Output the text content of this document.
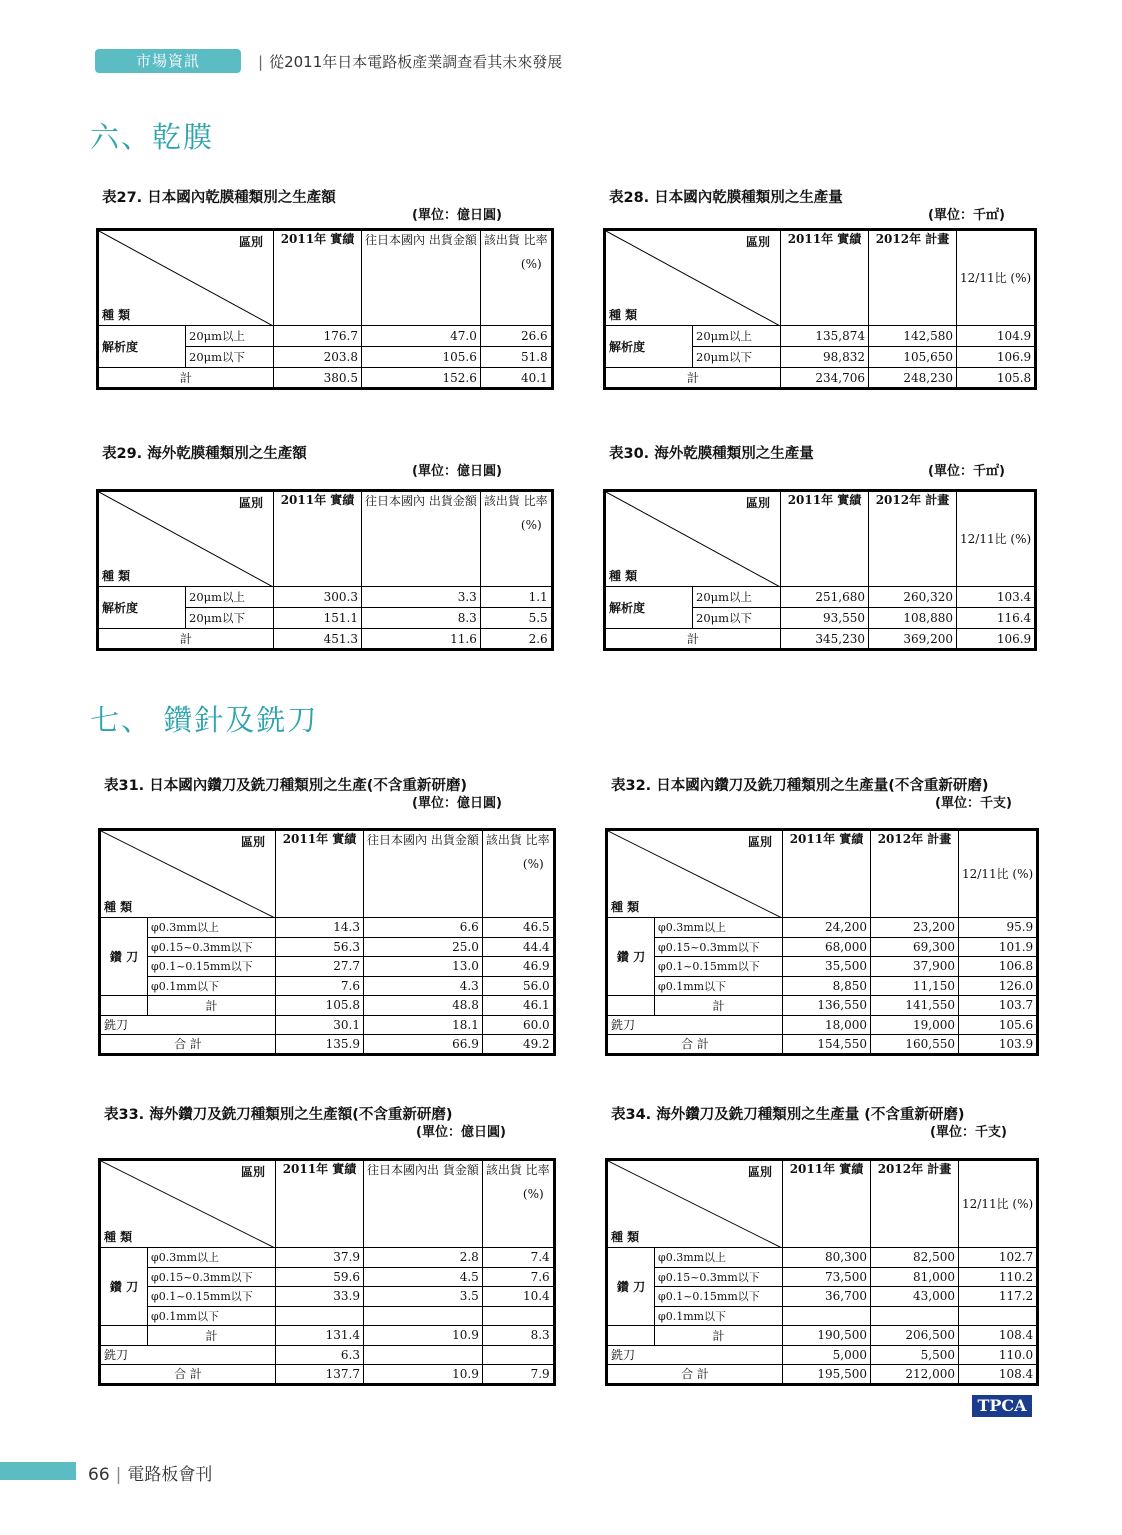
市場資訊	| 從2011年日本電路板產業調查看其未來發展
六、乾膜
七、 鑽針及銑刀
表27. 日本國內乾膜種類別之生產額
(單位：億日圓)
區別
種 類		2011年 實績	往日本國內 出貨金額	該出貨 比率
(%)

解析度	20μm以上	176.7	47.0	26.6
	20μm以下	203.8	105.6	51.8
計		380.5	152.6	40.1
表28. 日本國內乾膜種類別之生產量
(單位：千㎡)
區別
種 類		2011年 實績	2012年 計畫	12/11比 (%)
解析度	20μm以上	135,874	142,580	104.9
	20μm以下	98,832	105,650	106.9
計		234,706	248,230	105.8
表29. 海外乾膜種類別之生產額
(單位：億日圓)
區別
種 類		2011年 實績	往日本國內 出貨金額	該出貨 比率
(%)

解析度	20μm以上	300.3	3.3	1.1
	20μm以下	151.1	8.3	5.5
計		451.3	11.6	2.6
表30. 海外乾膜種類別之生產量
(單位：千㎡)
區別
種 類		2011年 實績	2012年 計畫	12/11比 (%)
解析度	20μm以上	251,680	260,320	103.4
	20μm以下	93,550	108,880	116.4
計		345,230	369,200	106.9
表31. 日本國內鑽刀及銑刀種類別之生產(不含重新研磨)
(單位：億日圓)
區別
種 類		2011年 實績	往日本國內 出貨金額	該出貨 比率
(%)

鑽 刀	φ0.3mm以上	14.3	6.6	46.5
	φ0.15~0.3mm以下	56.3	25.0	44.4
	φ0.1~0.15mm以下	27.7	13.0	46.9
	φ0.1mm以下	7.6	4.3	56.0
	計	105.8	48.8	46.1
銑刀		30.1	18.1	60.0
合 計		135.9	66.9	49.2
表32. 日本國內鑽刀及銑刀種類別之生產量(不含重新研磨)
(單位：千支)
區別
種 類		2011年 實績	2012年 計畫	12/11比 (%)
鑽 刀	φ0.3mm以上	24,200	23,200	95.9
	φ0.15~0.3mm以下	68,000	69,300	101.9
	φ0.1~0.15mm以下	35,500	37,900	106.8
	φ0.1mm以下	8,850	11,150	126.0
	計	136,550	141,550	103.7
銑刀		18,000	19,000	105.6
合 計		154,550	160,550	103.9
表33. 海外鑽刀及銑刀種類別之生產額(不含重新研磨)
(單位：億日圓)
區別
種 類		2011年 實績	往日本國內出 貨金額	該出貨 比率
(%)

鑽 刀	φ0.3mm以上	37.9	2.8	7.4
	φ0.15~0.3mm以下	59.6	4.5	7.6
	φ0.1~0.15mm以下	33.9	3.5	10.4
	φ0.1mm以下			
	計	131.4	10.9	8.3
銑刀		6.3		
合 計		137.7	10.9	7.9
表34. 海外鑽刀及銑刀種類別之生產量 (不含重新研磨)
(單位：千支)
區別
種 類		2011年 實績	2012年 計畫	12/11比 (%)
鑽 刀	φ0.3mm以上	80,300	82,500	102.7
	φ0.15~0.3mm以下	73,500	81,000	110.2
	φ0.1~0.15mm以下	36,700	43,000	117.2
	φ0.1mm以下			
	計	190,500	206,500	108.4
銑刀		5,000	5,500	110.0
合 計		195,500	212,000	108.4
TPCA
66 | 電路板會刊
